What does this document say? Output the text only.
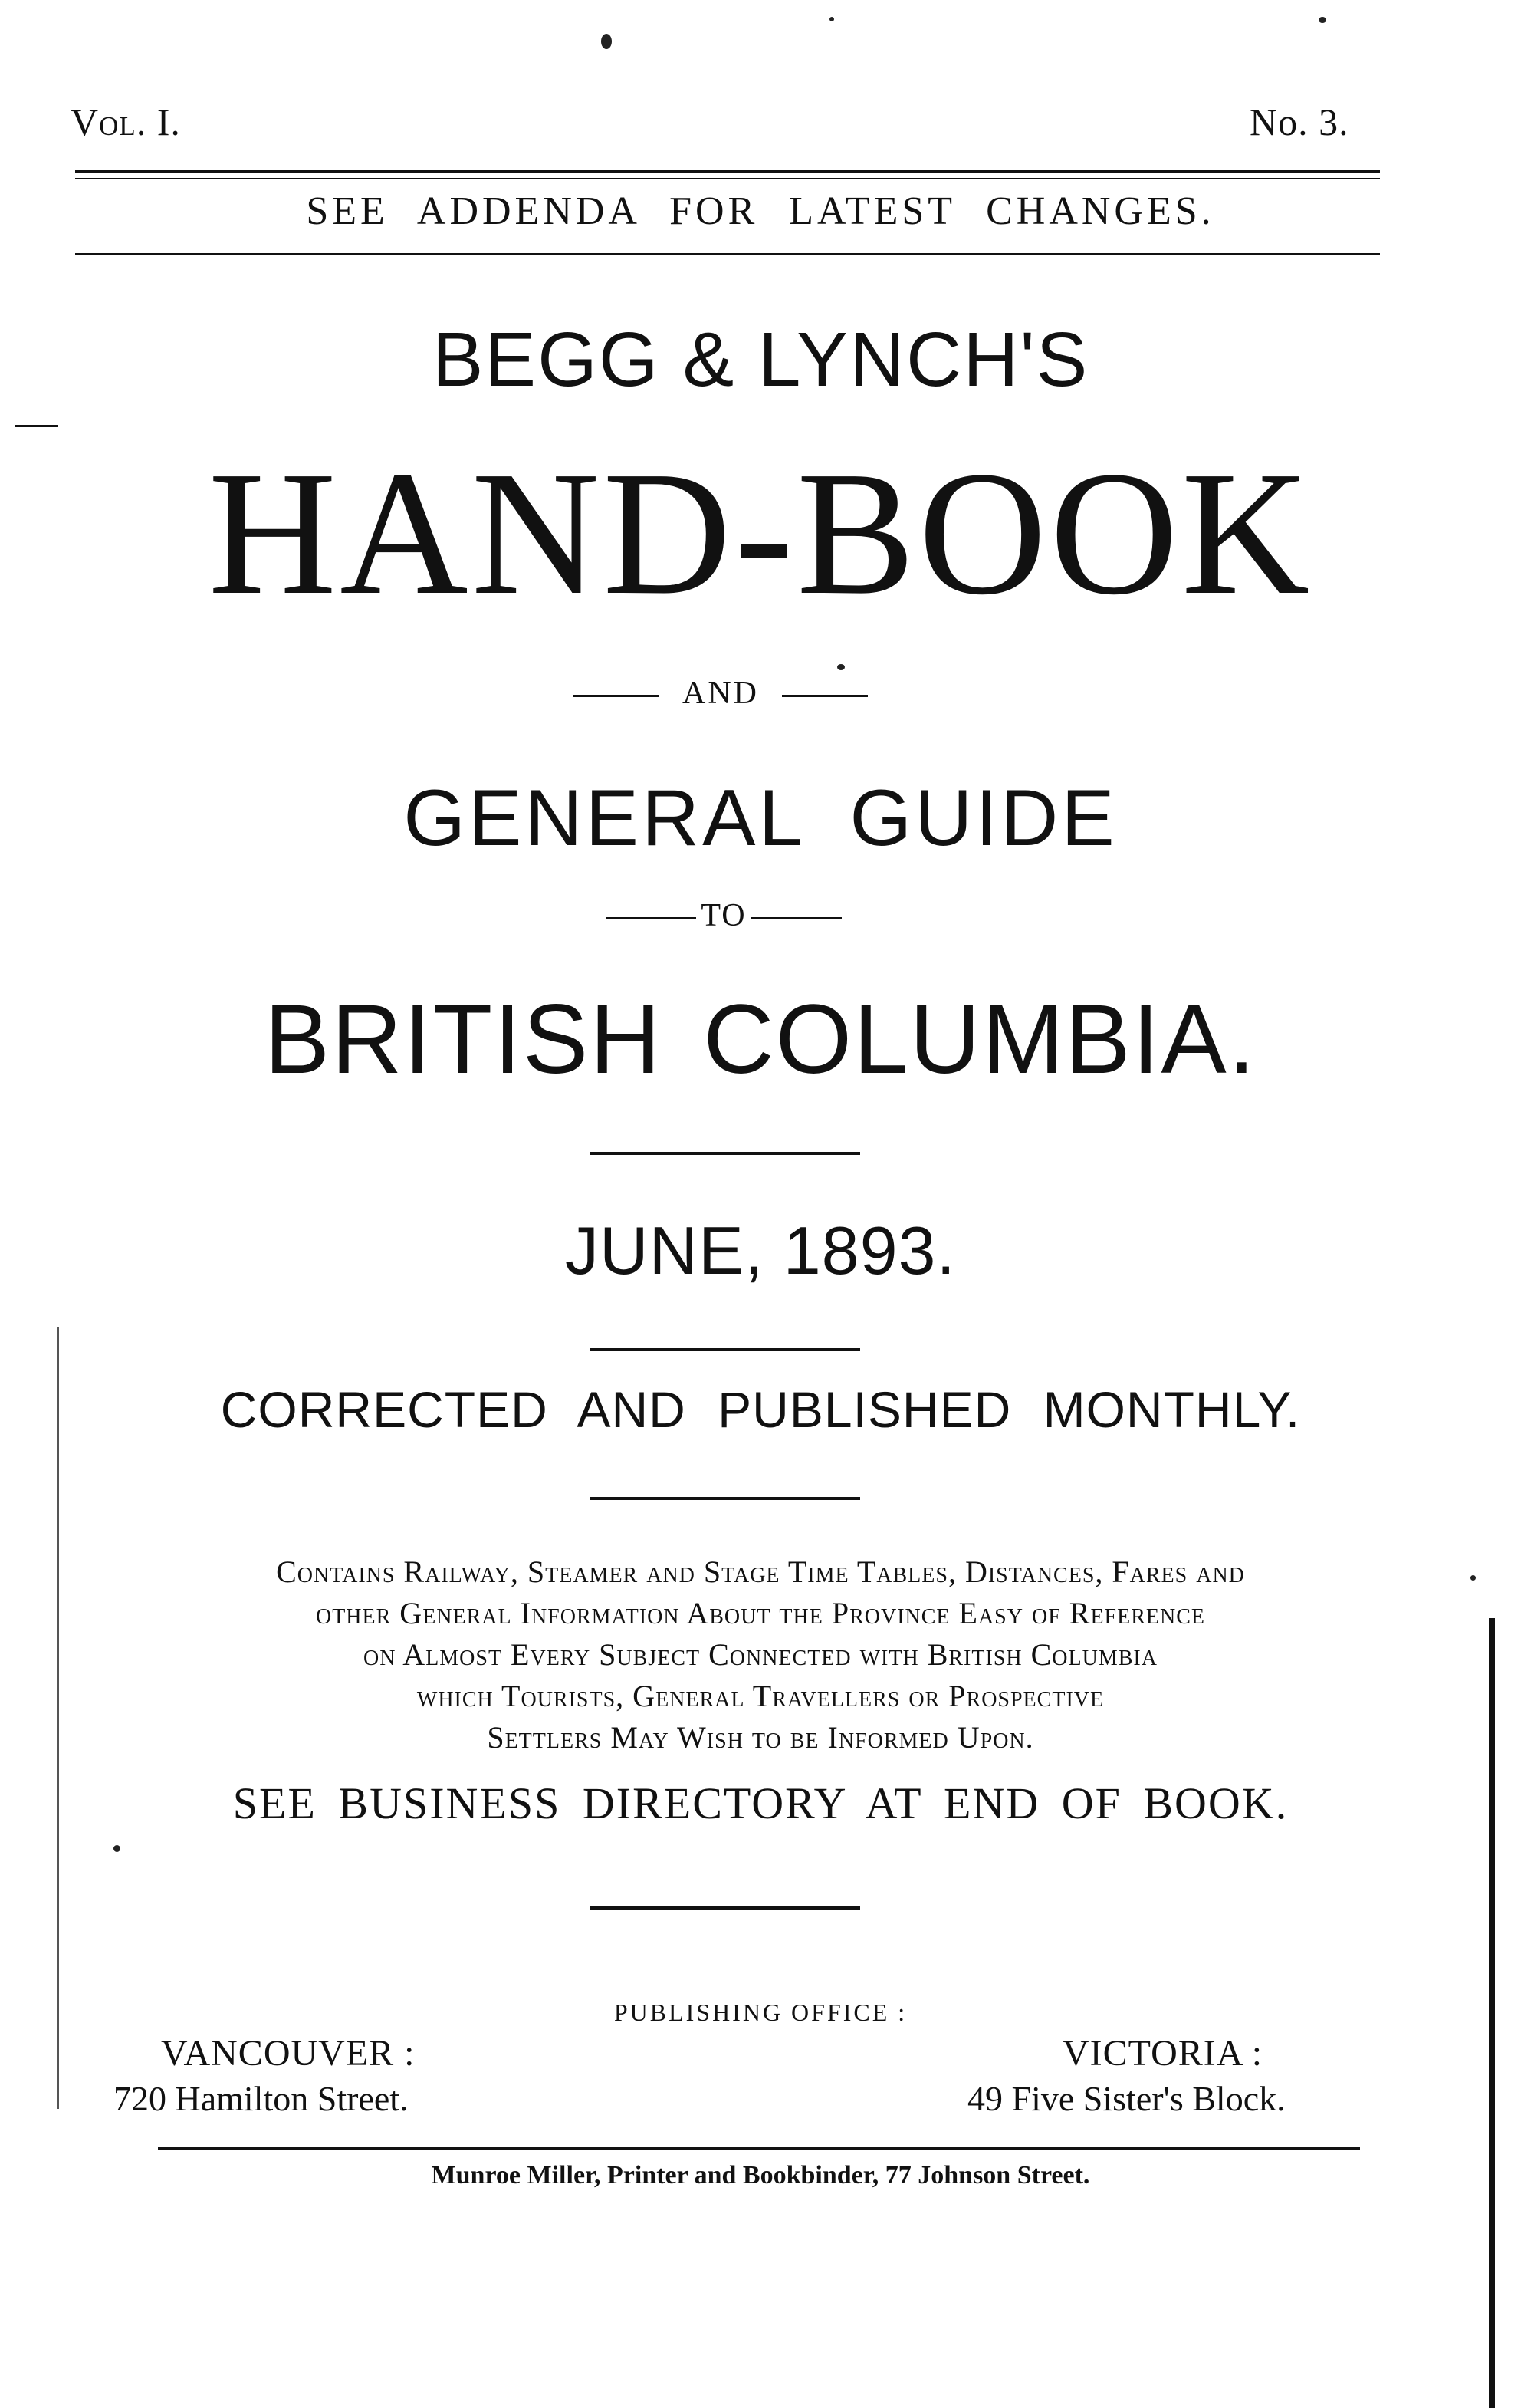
Vol. I.	No. 3.
SEE ADDENDA FOR LATEST CHANGES.
BEGG & LYNCH'S
HAND-BOOK
AND
GENERAL GUIDE
TO
BRITISH COLUMBIA.
JUNE, 1893.
CORRECTED AND PUBLISHED MONTHLY.
Contains Railway, Steamer and Stage Time Tables, Distances, Fares and
other General Information About the Province Easy of Reference
on Almost Every Subject Connected with British Columbia
which Tourists, General Travellers or Prospective
Settlers May Wish to be Informed Upon.
SEE BUSINESS DIRECTORY AT END OF BOOK.
PUBLISHING OFFICE :
VANCOUVER :
720 Hamilton Street.
VICTORIA :
49 Five Sister's Block.
Munroe Miller, Printer and Bookbinder, 77 Johnson Street.
